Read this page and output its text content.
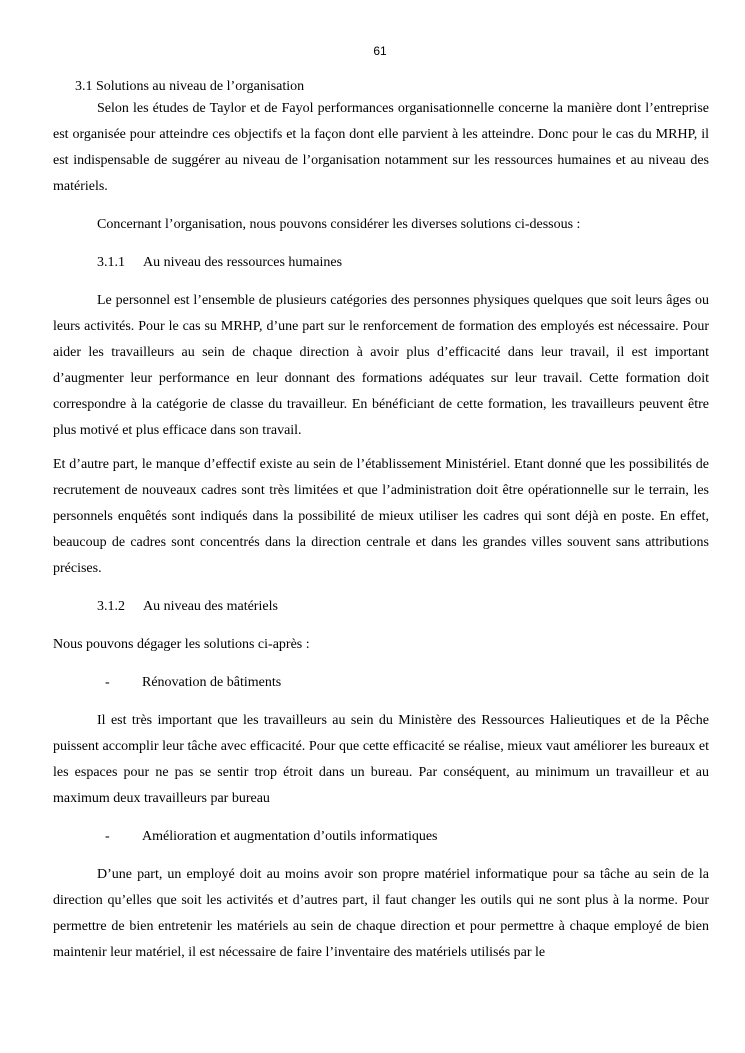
61

3.1 Solutions au niveau de l’organisation

Selon les études de Taylor et de Fayol performances organisationnelle concerne la manière dont l’entreprise est organisée pour atteindre ces objectifs et la façon dont elle parvient à les atteindre. Donc pour le cas du MRHP, il est indispensable de suggérer au niveau de l’organisation notamment sur les ressources humaines et au niveau des matériels.

Concernant l’organisation, nous pouvons considérer les diverses solutions ci-dessous :

3.1.1 Au niveau des ressources humaines

Le personnel est l’ensemble de plusieurs catégories des personnes physiques quelques que soit leurs âges ou leurs activités. Pour le cas su MRHP, d’une part sur le renforcement de formation des employés est nécessaire. Pour aider les travailleurs au sein de chaque direction à avoir plus d’efficacité dans leur travail, il est important d’augmenter leur performance en leur donnant des formations adéquates sur leur travail. Cette formation doit correspondre à la catégorie de classe du travailleur. En bénéficiant de cette formation, les travailleurs peuvent être plus motivé et plus efficace dans son travail.

Et d’autre part, le manque d’effectif existe au sein de l’établissement Ministériel. Etant donné que les possibilités de recrutement de nouveaux cadres sont très limitées et que l’administration doit être opérationnelle sur le terrain, les personnels enquêtés sont indiqués dans la possibilité de mieux utiliser les cadres qui sont déjà en poste. En effet, beaucoup de cadres sont concentrés dans la direction centrale et dans les grandes villes souvent sans attributions précises.

3.1.2 Au niveau des matériels

Nous pouvons dégager les solutions ci-après :

- Rénovation de bâtiments

Il est très important que les travailleurs au sein du Ministère des Ressources Halieutiques et de la Pêche puissent accomplir leur tâche avec efficacité. Pour que cette efficacité se réalise, mieux vaut améliorer les bureaux et les espaces pour ne pas se sentir trop étroit dans un bureau. Par conséquent, au minimum un travailleur et au maximum deux travailleurs par bureau

- Amélioration et augmentation d’outils informatiques

D’une part, un employé doit au moins avoir son propre matériel informatique pour sa tâche au sein de la direction qu’elles que soit les activités et d’autres part, il faut changer les outils qui ne sont plus à la norme. Pour permettre de bien entretenir les matériels au sein de chaque direction et pour permettre à chaque employé de bien maintenir leur matériel, il est nécessaire de faire l’inventaire des matériels utilisés par le
